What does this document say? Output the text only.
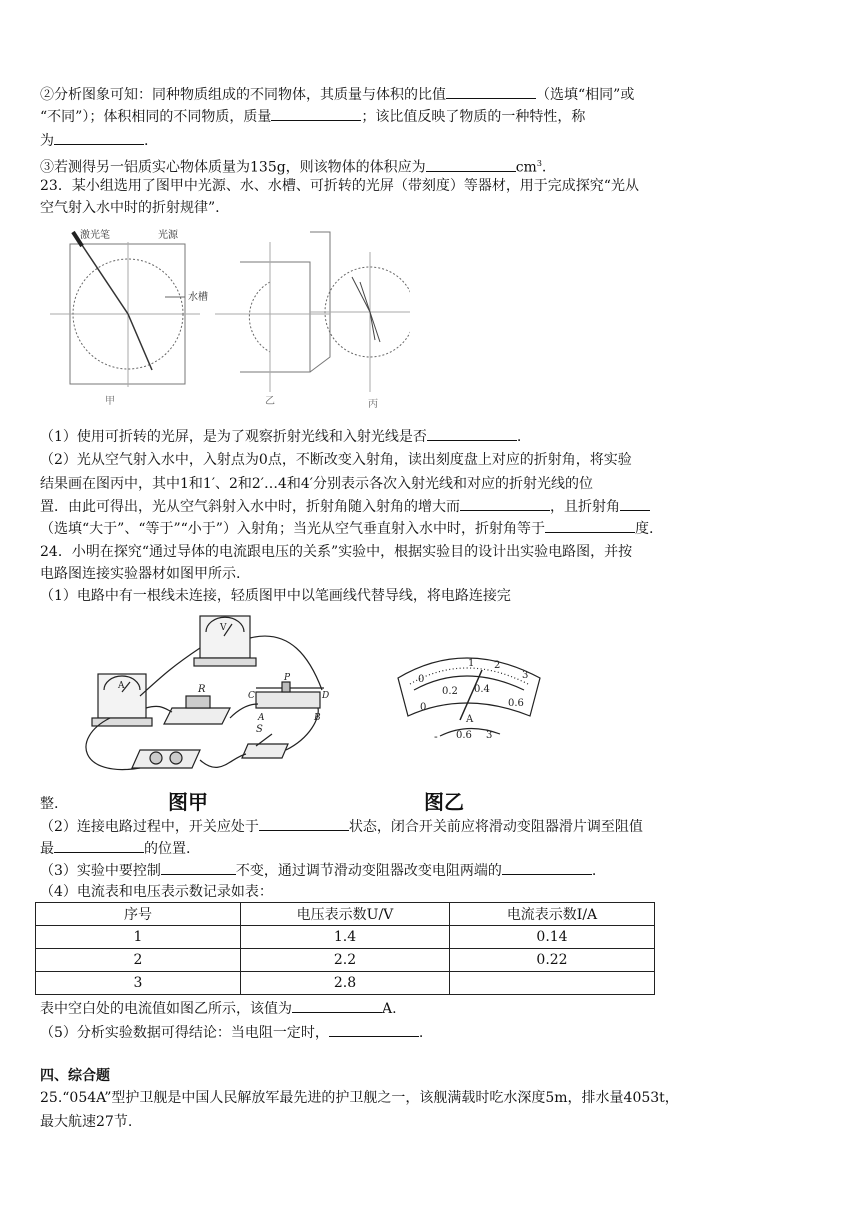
②分析图象可知：同种物质组成的不同物体，其质量与体积的比值	（选填“相同”或
“不同”）；体积相同的不同物质，质量	；该比值反映了物质的一种特性，称
为	.
③若测得另一铝质实心物体质量为135g，则该物体的体积应为	$cm^3$.
23．某小组选用了图甲中光源、水、水槽、可折转的光屏（带刻度）等器材，用于完成探究“光从
空气射入水中时的折射规律”.
激光笔	光源
水槽
甲	乙	丙
（1）使用可折转的光屏，是为了观察折射光线和入射光线是否	.
（2）光从空气射入水中，入射点为0点，不断改变入射角，读出刻度盘上对应的折射角，将实验
结果画在图丙中，其中1和1′、2和2′…4和4′分别表示各次入射光线和对应的折射光线的位
置．由此可得出，光从空气斜射入水中时，折射角随入射角的增大而	，且折射角
（选填“大于”、“等于”“小于”）入射角；当光从空气垂直射入水中时，折射角等于	度.
24．小明在探究“通过导体的电流跟电压的关系”实验中，根据实验目的设计出实验电路图，并按
电路图连接实验器材如图甲所示.
（1）电路中有一根线未连接，轻质图甲中以笔画线代替导线，将电路连接完
A
V
R
S
P
C	D
A	B
0
1 2
3
0
0.2 0.4
0.6
A
- 0.6 3
图甲	图乙
整.
（2）连接电路过程中，开关应处于	状态，闭合开关前应将滑动变阻器滑片调至阻值
最	的位置.
（3）实验中要控制	不变，通过调节滑动变阻器改变电阻两端的	.
（4）电流表和电压表示数记录如表：
序号	电压表示数U/V	电流表示数I/A
1	1.4	0.14
2	2.2	0.22
3	2.8	
表中空白处的电流值如图乙所示，该值为	A.
（5）分析实验数据可得结论：当电阻一定时，	.
四、综合题
25.“054A”型护卫舰是中国人民解放军最先进的护卫舰之一，该舰满载时吃水深度5m，排水量4053t，
最大航速27节.
